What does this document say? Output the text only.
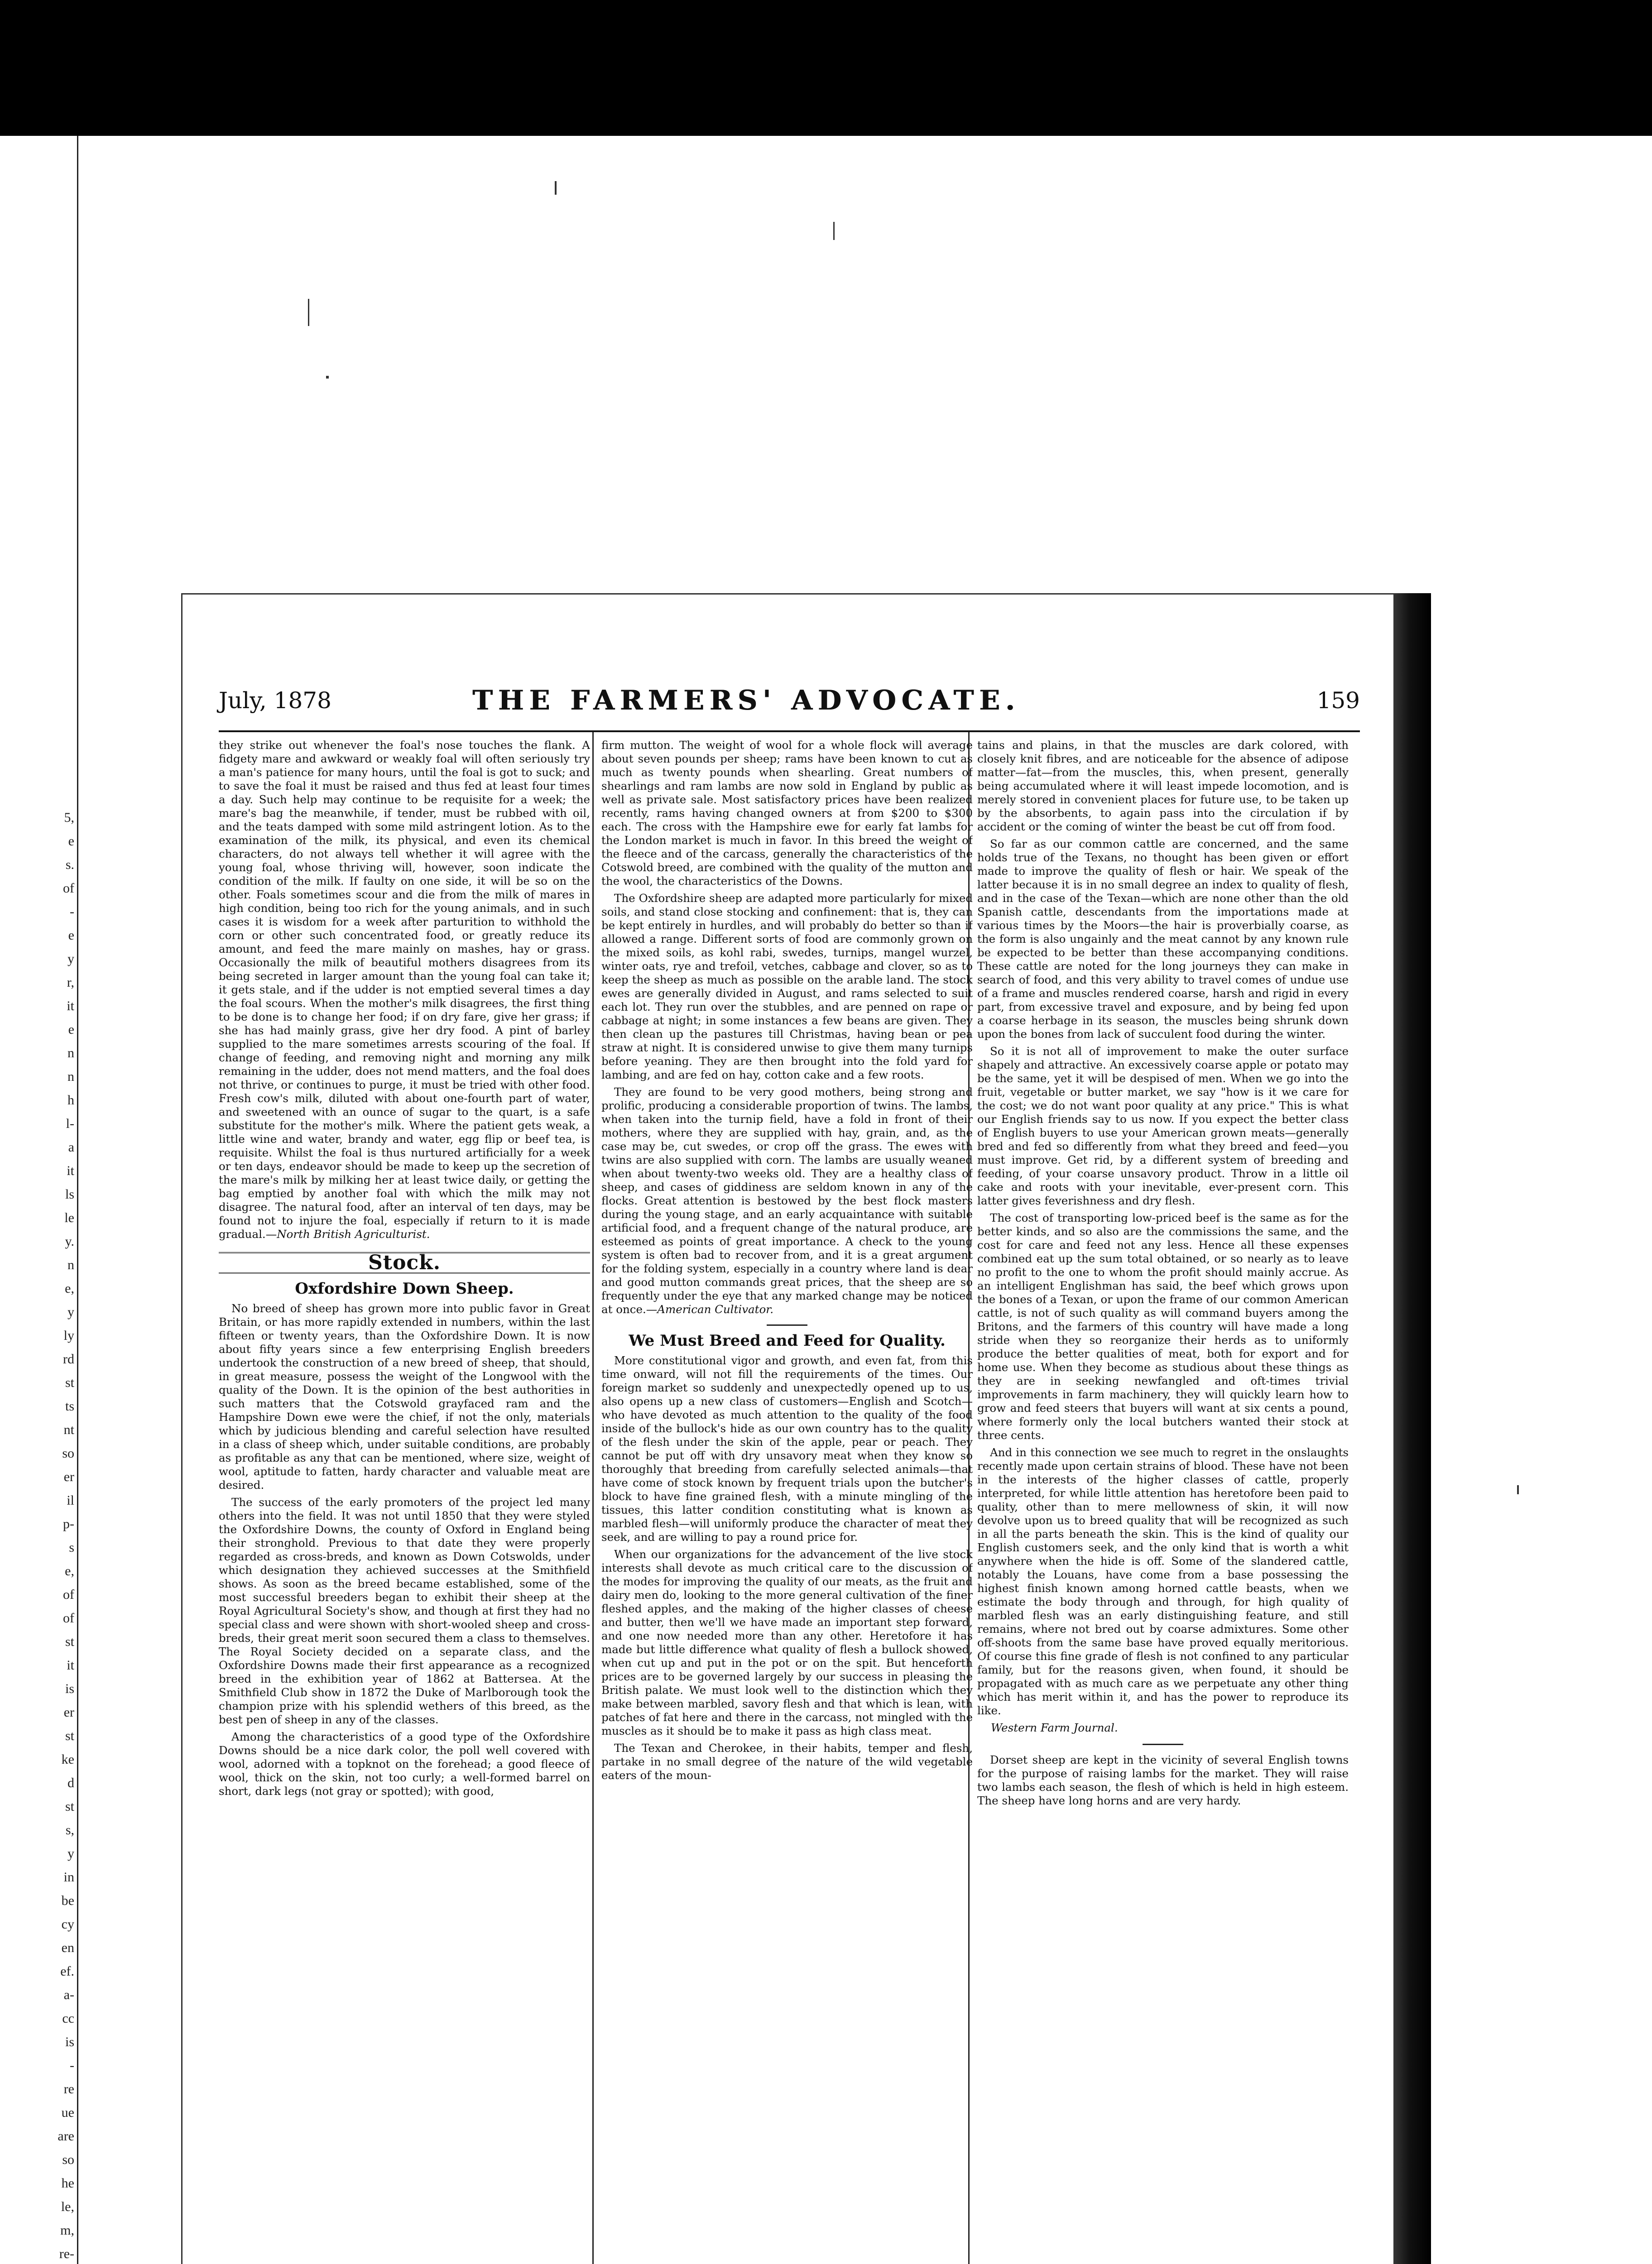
5,
e
s.
of
-
e
y
r,
it
e
n
n
h
l-
a
it
ls
le
y.
n
e,
y
ly
rd
st
ts
nt
so
er
il
p-
s
e,
of
of
st
it
is
er
st
ke
d
st
s,
y
in
be
cy
en
ef.
a-
cc
is
-
re
ue
are
so
he
le,
m,
re-
July, 1878	THE FARMERS' ADVOCATE.	159

they strike out whenever the foal's nose touches the flank. A fidgety mare and awkward or weakly foal will often seriously try a man's patience for many hours, until the foal is got to suck; and to save the foal it must be raised and thus fed at least four times a day. Such help may continue to be requisite for a week; the mare's bag the meanwhile, if tender, must be rubbed with oil, and the teats damped with some mild astringent lotion. As to the examination of the milk, its physical, and even its chemical characters, do not always tell whether it will agree with the young foal, whose thriving will, however, soon indicate the condition of the milk. If faulty on one side, it will be so on the other. Foals sometimes scour and die from the milk of mares in high condition, being too rich for the young animals, and in such cases it is wisdom for a week after parturition to withhold the corn or other such concentrated food, or greatly reduce its amount, and feed the mare mainly on mashes, hay or grass. Occasionally the milk of beautiful mothers disagrees from its being secreted in larger amount than the young foal can take it; it gets stale, and if the udder is not emptied several times a day the foal scours. When the mother's milk disagrees, the first thing to be done is to change her food; if on dry fare, give her grass; if she has had mainly grass, give her dry food. A pint of barley supplied to the mare sometimes arrests scouring of the foal. If change of feeding, and removing night and morning any milk remaining in the udder, does not mend matters, and the foal does not thrive, or continues to purge, it must be tried with other food. Fresh cow's milk, diluted with about one-fourth part of water, and sweetened with an ounce of sugar to the quart, is a safe substitute for the mother's milk. Where the patient gets weak, a little wine and water, brandy and water, egg flip or beef tea, is requisite. Whilst the foal is thus nurtured artificially for a week or ten days, endeavor should be made to keep up the secretion of the mare's milk by milking her at least twice daily, or getting the bag emptied by another foal with which the milk may not disagree. The natural food, after an interval of ten days, may be found not to injure the foal, especially if return to it is made gradual.—North British Agriculturist.

Stock.
Oxfordshire Down Sheep.

No breed of sheep has grown more into public favor in Great Britain, or has more rapidly extended in numbers, within the last fifteen or twenty years, than the Oxfordshire Down. It is now about fifty years since a few enterprising English breeders undertook the construction of a new breed of sheep, that should, in great measure, possess the weight of the Longwool with the quality of the Down. It is the opinion of the best authorities in such matters that the Cotswold grayfaced ram and the Hampshire Down ewe were the chief, if not the only, materials which by judicious blending and careful selection have resulted in a class of sheep which, under suitable conditions, are probably as profitable as any that can be mentioned, where size, weight of wool, aptitude to fatten, hardy character and valuable meat are desired.

The success of the early promoters of the project led many others into the field. It was not until 1850 that they were styled the Oxfordshire Downs, the county of Oxford in England being their stronghold. Previous to that date they were properly regarded as cross-breds, and known as Down Cotswolds, under which designation they achieved successes at the Smithfield shows. As soon as the breed became established, some of the most successful breeders began to exhibit their sheep at the Royal Agricultural Society's show, and though at first they had no special class and were shown with short-wooled sheep and cross-breds, their great merit soon secured them a class to themselves. The Royal Society decided on a separate class, and the Oxfordshire Downs made their first appearance as a recognized breed in the exhibition year of 1862 at Battersea. At the Smithfield Club show in 1872 the Duke of Marlborough took the champion prize with his splendid wethers of this breed, as the best pen of sheep in any of the classes.

Among the characteristics of a good type of the Oxfordshire Downs should be a nice dark color, the poll well covered with wool, adorned with a topknot on the forehead; a good fleece of wool, thick on the skin, not too curly; a well-formed barrel on short, dark legs (not gray or spotted); with good,

firm mutton. The weight of wool for a whole flock will average about seven pounds per sheep; rams have been known to cut as much as twenty pounds when shearling. Great numbers of shearlings and ram lambs are now sold in England by public as well as private sale. Most satisfactory prices have been realized recently, rams having changed owners at from $200 to $300 each. The cross with the Hampshire ewe for early fat lambs for the London market is much in favor. In this breed the weight of the fleece and of the carcass, generally the characteristics of the Cotswold breed, are combined with the quality of the mutton and the wool, the characteristics of the Downs.

The Oxfordshire sheep are adapted more particularly for mixed soils, and stand close stocking and confinement: that is, they can be kept entirely in hurdles, and will probably do better so than if allowed a range. Different sorts of food are commonly grown on the mixed soils, as kohl rabi, swedes, turnips, mangel wurzel, winter oats, rye and trefoil, vetches, cabbage and clover, so as to keep the sheep as much as possible on the arable land. The stock ewes are generally divided in August, and rams selected to suit each lot. They run over the stubbles, and are penned on rape or cabbage at night; in some instances a few beans are given. They then clean up the pastures till Christmas, having bean or pea straw at night. It is considered unwise to give them many turnips before yeaning. They are then brought into the fold yard for lambing, and are fed on hay, cotton cake and a few roots.

They are found to be very good mothers, being strong and prolific, producing a considerable proportion of twins. The lambs, when taken into the turnip field, have a fold in front of their mothers, where they are supplied with hay, grain, and, as the case may be, cut swedes, or crop off the grass. The ewes with twins are also supplied with corn. The lambs are usually weaned when about twenty-two weeks old. They are a healthy class of sheep, and cases of giddiness are seldom known in any of the flocks. Great attention is bestowed by the best flock masters during the young stage, and an early acquaintance with suitable artificial food, and a frequent change of the natural produce, are esteemed as points of great importance. A check to the young system is often bad to recover from, and it is a great argument for the folding system, especially in a country where land is dear and good mutton commands great prices, that the sheep are so frequently under the eye that any marked change may be noticed at once.—American Cultivator.

We Must Breed and Feed for Quality.

More constitutional vigor and growth, and even fat, from this time onward, will not fill the requirements of the times. Our foreign market so suddenly and unexpectedly opened up to us, also opens up a new class of customers—English and Scotch—who have devoted as much attention to the quality of the food inside of the bullock's hide as our own country has to the quality of the flesh under the skin of the apple, pear or peach. They cannot be put off with dry unsavory meat when they know so thoroughly that breeding from carefully selected animals—that have come of stock known by frequent trials upon the butcher's block to have fine grained flesh, with a minute mingling of the tissues, this latter condition constituting what is known as marbled flesh—will uniformly produce the character of meat they seek, and are willing to pay a round price for.

When our organizations for the advancement of the live stock interests shall devote as much critical care to the discussion of the modes for improving the quality of our meats, as the fruit and dairy men do, looking to the more general cultivation of the finer fleshed apples, and the making of the higher classes of cheese and butter, then we'll we have made an important step forward, and one now needed more than any other. Heretofore it has made but little difference what quality of flesh a bullock showed, when cut up and put in the pot or on the spit. But henceforth prices are to be governed largely by our success in pleasing the British palate. We must look well to the distinction which they make between marbled, savory flesh and that which is lean, with patches of fat here and there in the carcass, not mingled with the muscles as it should be to make it pass as high class meat.

The Texan and Cherokee, in their habits, temper and flesh, partake in no small degree of the nature of the wild vegetable eaters of the moun-

tains and plains, in that the muscles are dark colored, with closely knit fibres, and are noticeable for the absence of adipose matter—fat—from the muscles, this, when present, generally being accumulated where it will least impede locomotion, and is merely stored in convenient places for future use, to be taken up by the absorbents, to again pass into the circulation if by accident or the coming of winter the beast be cut off from food.

So far as our common cattle are concerned, and the same holds true of the Texans, no thought has been given or effort made to improve the quality of flesh or hair. We speak of the latter because it is in no small degree an index to quality of flesh, and in the case of the Texan—which are none other than the old Spanish cattle, descendants from the importations made at various times by the Moors—the hair is proverbially coarse, as the form is also ungainly and the meat cannot by any known rule be expected to be better than these accompanying conditions. These cattle are noted for the long journeys they can make in search of food, and this very ability to travel comes of undue use of a frame and muscles rendered coarse, harsh and rigid in every part, from excessive travel and exposure, and by being fed upon a coarse herbage in its season, the muscles being shrunk down upon the bones from lack of succulent food during the winter.

So it is not all of improvement to make the outer surface shapely and attractive. An excessively coarse apple or potato may be the same, yet it will be despised of men. When we go into the fruit, vegetable or butter market, we say "how is it we care for the cost; we do not want poor quality at any price." This is what our English friends say to us now. If you expect the better class of English buyers to use your American grown meats—generally bred and fed so differently from what they breed and feed—you must improve. Get rid, by a different system of breeding and feeding, of your coarse unsavory product. Throw in a little oil cake and roots with your inevitable, ever-present corn. This latter gives feverishness and dry flesh.

The cost of transporting low-priced beef is the same as for the better kinds, and so also are the commissions the same, and the cost for care and feed not any less. Hence all these expenses combined eat up the sum total obtained, or so nearly as to leave no profit to the one to whom the profit should mainly accrue. As an intelligent Englishman has said, the beef which grows upon the bones of a Texan, or upon the frame of our common American cattle, is not of such quality as will command buyers among the Britons, and the farmers of this country will have made a long stride when they so reorganize their herds as to uniformly produce the better qualities of meat, both for export and for home use. When they become as studious about these things as they are in seeking newfangled and oft-times trivial improvements in farm machinery, they will quickly learn how to grow and feed steers that buyers will want at six cents a pound, where formerly only the local butchers wanted their stock at three cents.

And in this connection we see much to regret in the onslaughts recently made upon certain strains of blood. These have not been in the interests of the higher classes of cattle, properly interpreted, for while little attention has heretofore been paid to quality, other than to mere mellowness of skin, it will now devolve upon us to breed quality that will be recognized as such in all the parts beneath the skin. This is the kind of quality our English customers seek, and the only kind that is worth a whit anywhere when the hide is off. Some of the slandered cattle, notably the Louans, have come from a base possessing the highest finish known among horned cattle beasts, when we estimate the body through and through, for high quality of marbled flesh was an early distinguishing feature, and still remains, where not bred out by coarse admixtures. Some other off-shoots from the same base have proved equally meritorious. Of course this fine grade of flesh is not confined to any particular family, but for the reasons given, when found, it should be propagated with as much care as we perpetuate any other thing which has merit within it, and has the power to reproduce its like.

Western Farm Journal.

Dorset sheep are kept in the vicinity of several English towns for the purpose of raising lambs for the market. They will raise two lambs each season, the flesh of which is held in high esteem. The sheep have long horns and are very hardy.
